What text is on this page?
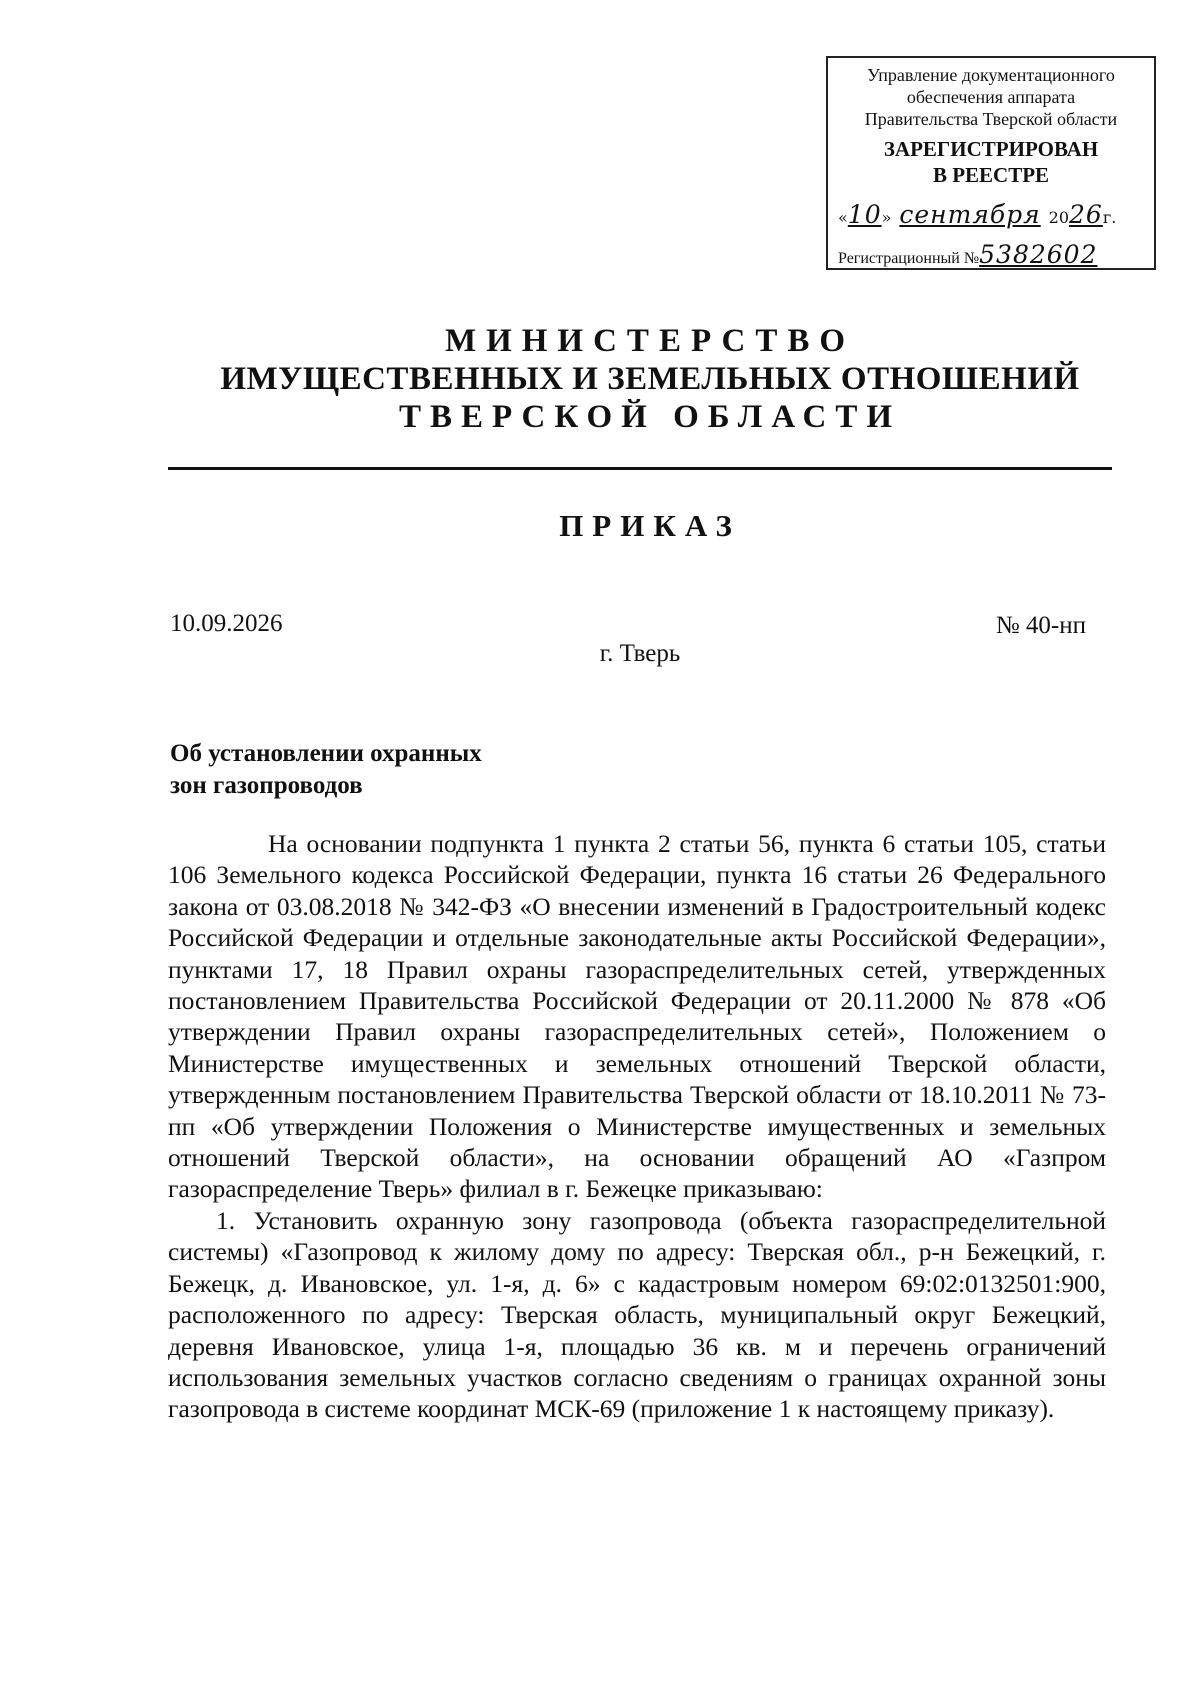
Управление документационного
обеспечения аппарата
Правительства Тверской области
ЗАРЕГИСТРИРОВАН
В РЕЕСТРЕ
«10» сентября 2026г.
Регистрационный №5382602
МИНИСТЕРСТВО
ИМУЩЕСТВЕННЫХ И ЗЕМЕЛЬНЫХ ОТНОШЕНИЙ
ТВЕРСКОЙ ОБЛАСТИ
ПРИКАЗ
10.09.2026	№ 40-нп
г. Тверь
Об установлении охранных
зон газопроводов

На основании подпункта 1 пункта 2 статьи 56, пункта 6 статьи 105, статьи 106 Земельного кодекса Российской Федерации, пункта 16 статьи 26 Федерального закона от 03.08.2018 № 342-ФЗ «О внесении изменений в Градостроительный кодекс Российской Федерации и отдельные законодательные акты Российской Федерации», пунктами 17, 18 Правил охраны газораспределительных сетей, утвержденных постановлением Правительства Российской Федерации от 20.11.2000 № 878 «Об утверждении Правил охраны газораспределительных сетей», Положением о Министерстве имущественных и земельных отношений Тверской области, утвержденным постановлением Правительства Тверской области от 18.10.2011 № 73-пп «Об утверждении Положения о Министерстве имущественных и земельных отношений Тверской области», на основании обращений АО «Газпром газораспределение Тверь» филиал в г. Бежецке приказываю:

1. Установить охранную зону газопровода (объекта газораспределительной системы) «Газопровод к жилому дому по адресу: Тверская обл., р-н Бежецкий, г. Бежецк, д. Ивановское, ул. 1-я, д. 6» с кадастровым номером 69:02:0132501:900, расположенного по адресу: Тверская область, муниципальный округ Бежецкий, деревня Ивановское, улица 1-я, площадью 36 кв. м и перечень ограничений использования земельных участков согласно сведениям о границах охранной зоны газопровода в системе координат МСК-69 (приложение 1 к настоящему приказу).
